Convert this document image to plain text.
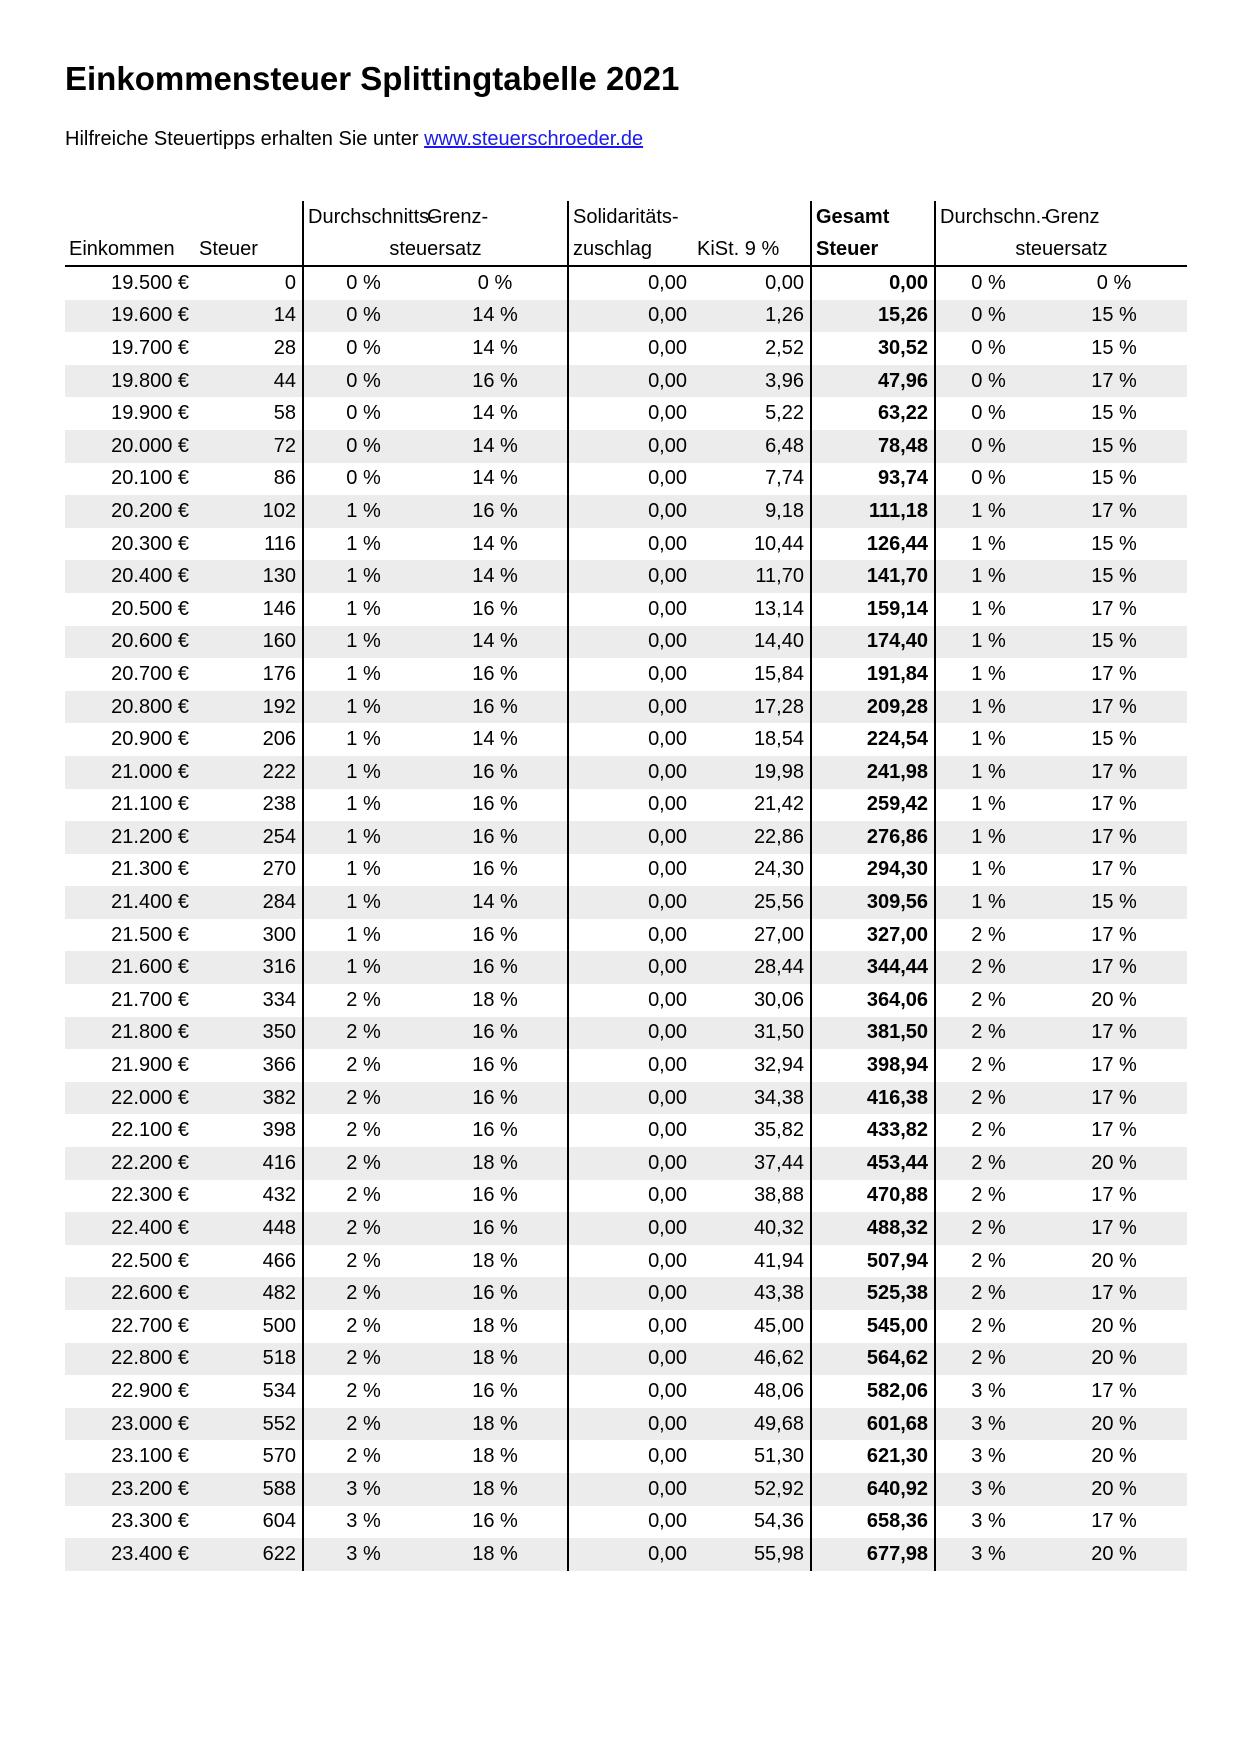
Einkommensteuer Splittingtabelle 2021
Hilfreiche Steuertipps erhalten Sie unter www.steuerschroeder.de
		Durchschnitts-	Grenz-	Solidaritäts-		Gesamt	Durchschn.-	Grenz
Einkommen	Steuer	steuersatz		zuschlag	KiSt. 9 %	Steuer	steuersatz	
19.500 €	0	0 %	0 %	0,00	0,00	0,00	0 %	0 %
19.600 €	14	0 %	14 %	0,00	1,26	15,26	0 %	15 %
19.700 €	28	0 %	14 %	0,00	2,52	30,52	0 %	15 %
19.800 €	44	0 %	16 %	0,00	3,96	47,96	0 %	17 %
19.900 €	58	0 %	14 %	0,00	5,22	63,22	0 %	15 %
20.000 €	72	0 %	14 %	0,00	6,48	78,48	0 %	15 %
20.100 €	86	0 %	14 %	0,00	7,74	93,74	0 %	15 %
20.200 €	102	1 %	16 %	0,00	9,18	111,18	1 %	17 %
20.300 €	116	1 %	14 %	0,00	10,44	126,44	1 %	15 %
20.400 €	130	1 %	14 %	0,00	11,70	141,70	1 %	15 %
20.500 €	146	1 %	16 %	0,00	13,14	159,14	1 %	17 %
20.600 €	160	1 %	14 %	0,00	14,40	174,40	1 %	15 %
20.700 €	176	1 %	16 %	0,00	15,84	191,84	1 %	17 %
20.800 €	192	1 %	16 %	0,00	17,28	209,28	1 %	17 %
20.900 €	206	1 %	14 %	0,00	18,54	224,54	1 %	15 %
21.000 €	222	1 %	16 %	0,00	19,98	241,98	1 %	17 %
21.100 €	238	1 %	16 %	0,00	21,42	259,42	1 %	17 %
21.200 €	254	1 %	16 %	0,00	22,86	276,86	1 %	17 %
21.300 €	270	1 %	16 %	0,00	24,30	294,30	1 %	17 %
21.400 €	284	1 %	14 %	0,00	25,56	309,56	1 %	15 %
21.500 €	300	1 %	16 %	0,00	27,00	327,00	2 %	17 %
21.600 €	316	1 %	16 %	0,00	28,44	344,44	2 %	17 %
21.700 €	334	2 %	18 %	0,00	30,06	364,06	2 %	20 %
21.800 €	350	2 %	16 %	0,00	31,50	381,50	2 %	17 %
21.900 €	366	2 %	16 %	0,00	32,94	398,94	2 %	17 %
22.000 €	382	2 %	16 %	0,00	34,38	416,38	2 %	17 %
22.100 €	398	2 %	16 %	0,00	35,82	433,82	2 %	17 %
22.200 €	416	2 %	18 %	0,00	37,44	453,44	2 %	20 %
22.300 €	432	2 %	16 %	0,00	38,88	470,88	2 %	17 %
22.400 €	448	2 %	16 %	0,00	40,32	488,32	2 %	17 %
22.500 €	466	2 %	18 %	0,00	41,94	507,94	2 %	20 %
22.600 €	482	2 %	16 %	0,00	43,38	525,38	2 %	17 %
22.700 €	500	2 %	18 %	0,00	45,00	545,00	2 %	20 %
22.800 €	518	2 %	18 %	0,00	46,62	564,62	2 %	20 %
22.900 €	534	2 %	16 %	0,00	48,06	582,06	3 %	17 %
23.000 €	552	2 %	18 %	0,00	49,68	601,68	3 %	20 %
23.100 €	570	2 %	18 %	0,00	51,30	621,30	3 %	20 %
23.200 €	588	3 %	18 %	0,00	52,92	640,92	3 %	20 %
23.300 €	604	3 %	16 %	0,00	54,36	658,36	3 %	17 %
23.400 €	622	3 %	18 %	0,00	55,98	677,98	3 %	20 %
